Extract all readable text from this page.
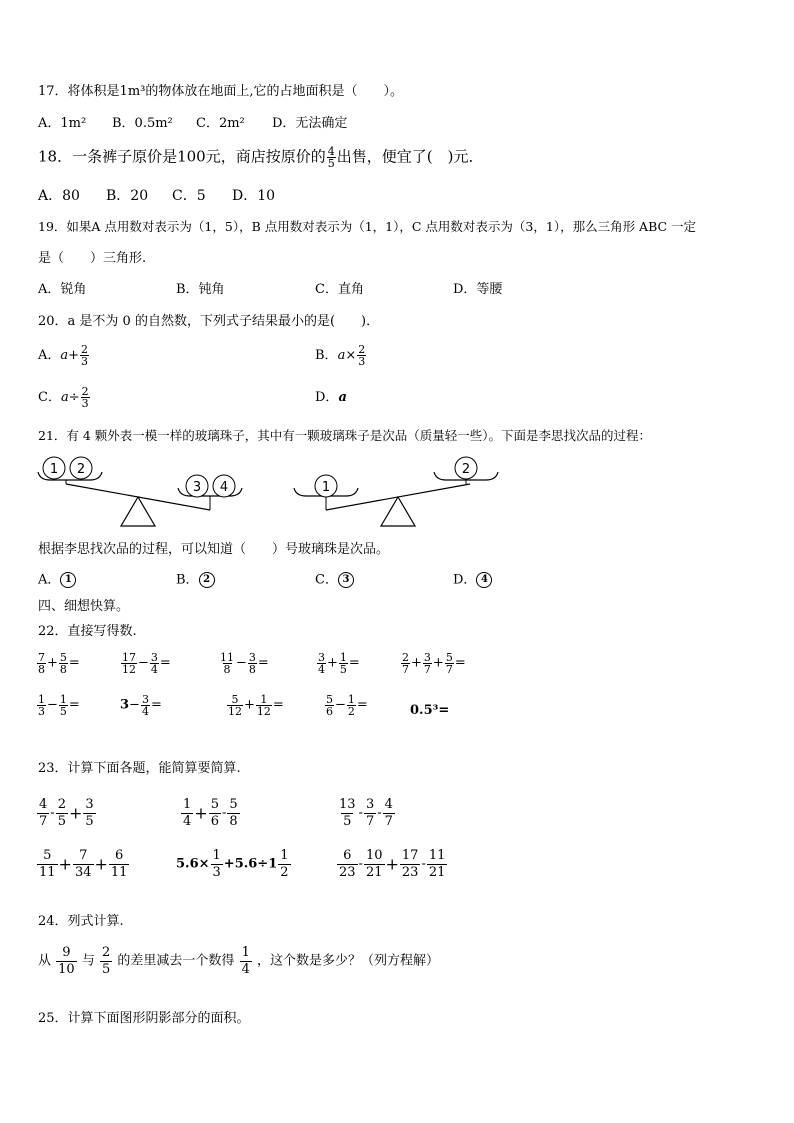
17．将体积是1m³的物体放在地面上,它的占地面积是（　　）。
A．1m² B．0.5m² C．2m² D．无法确定
18．一条裤子原价是100元，商店按原价的 $\frac{4}{5}$ 出售，便宜了(　)元．
A．80 B．20 C．5 D．10
19．如果A 点用数对表示为（1，5），B 点用数对表示为（1，1），C 点用数对表示为（3，1），那么三角形 ABC 一定
是（　　）三角形.
A．锐角	B．钝角	C．直角	D．等腰
20．a 是不为 0 的自然数，下列式子结果最小的是(　　)．
A．$a+ \frac{2}{3}$	B．$a\times \frac{2}{3}$
C．$a\div \frac{2}{3}$	D．a
21．有 4 颗外表一模一样的玻璃珠子，其中有一颗玻璃珠子是次品（质量轻一些）。下面是李思找次品的过程：
1 2
3 4	1
2
根据李思找次品的过程，可以知道（　　）号玻璃珠是次品。
A． 1	B． 2	C． 3	D． 4
四、细想快算。
22．直接写得数.
$\frac{7}{8} + \frac{5}{8}$ =	$\frac{17}{12} - \frac{3}{4}$ =	$\frac{11}{8} - \frac{3}{8}$ =	$\frac{3}{4} + \frac{1}{5}$ =	$\frac{2}{7} + \frac{3}{7} + \frac{5}{7}$ =
$\frac{1}{3} - \frac{1}{5}$ =	$3- \frac{3}{4}$ =	$\frac{5}{12} + \frac{1}{12}$ =	$\frac{5}{6} - \frac{1}{2}$ =	0.5³=
23．计算下面各题，能简算要简算.
$\frac{4}{7} - \frac{2}{5} + \frac{3}{5}$	$\frac{1}{4} + \frac{5}{6} - \frac{5}{8}$	$\frac{13}{5} - \frac{3}{7} - \frac{4}{7}$
$\frac{5}{11} + \frac{7}{34} + \frac{6}{11}$	$5.6\times \frac{1}{3} +5.6\div 1 \frac{1}{2}$	$\frac{6}{23} - \frac{10}{21} + \frac{17}{23} - \frac{11}{21}$
24．列式计算.
从 $\frac{9}{10}$ 与 $\frac{2}{5}$ 的差里减去一个数得 $\frac{1}{4}$ ，这个数是多少？（列方程解）
25．计算下面图形阴影部分的面积。
